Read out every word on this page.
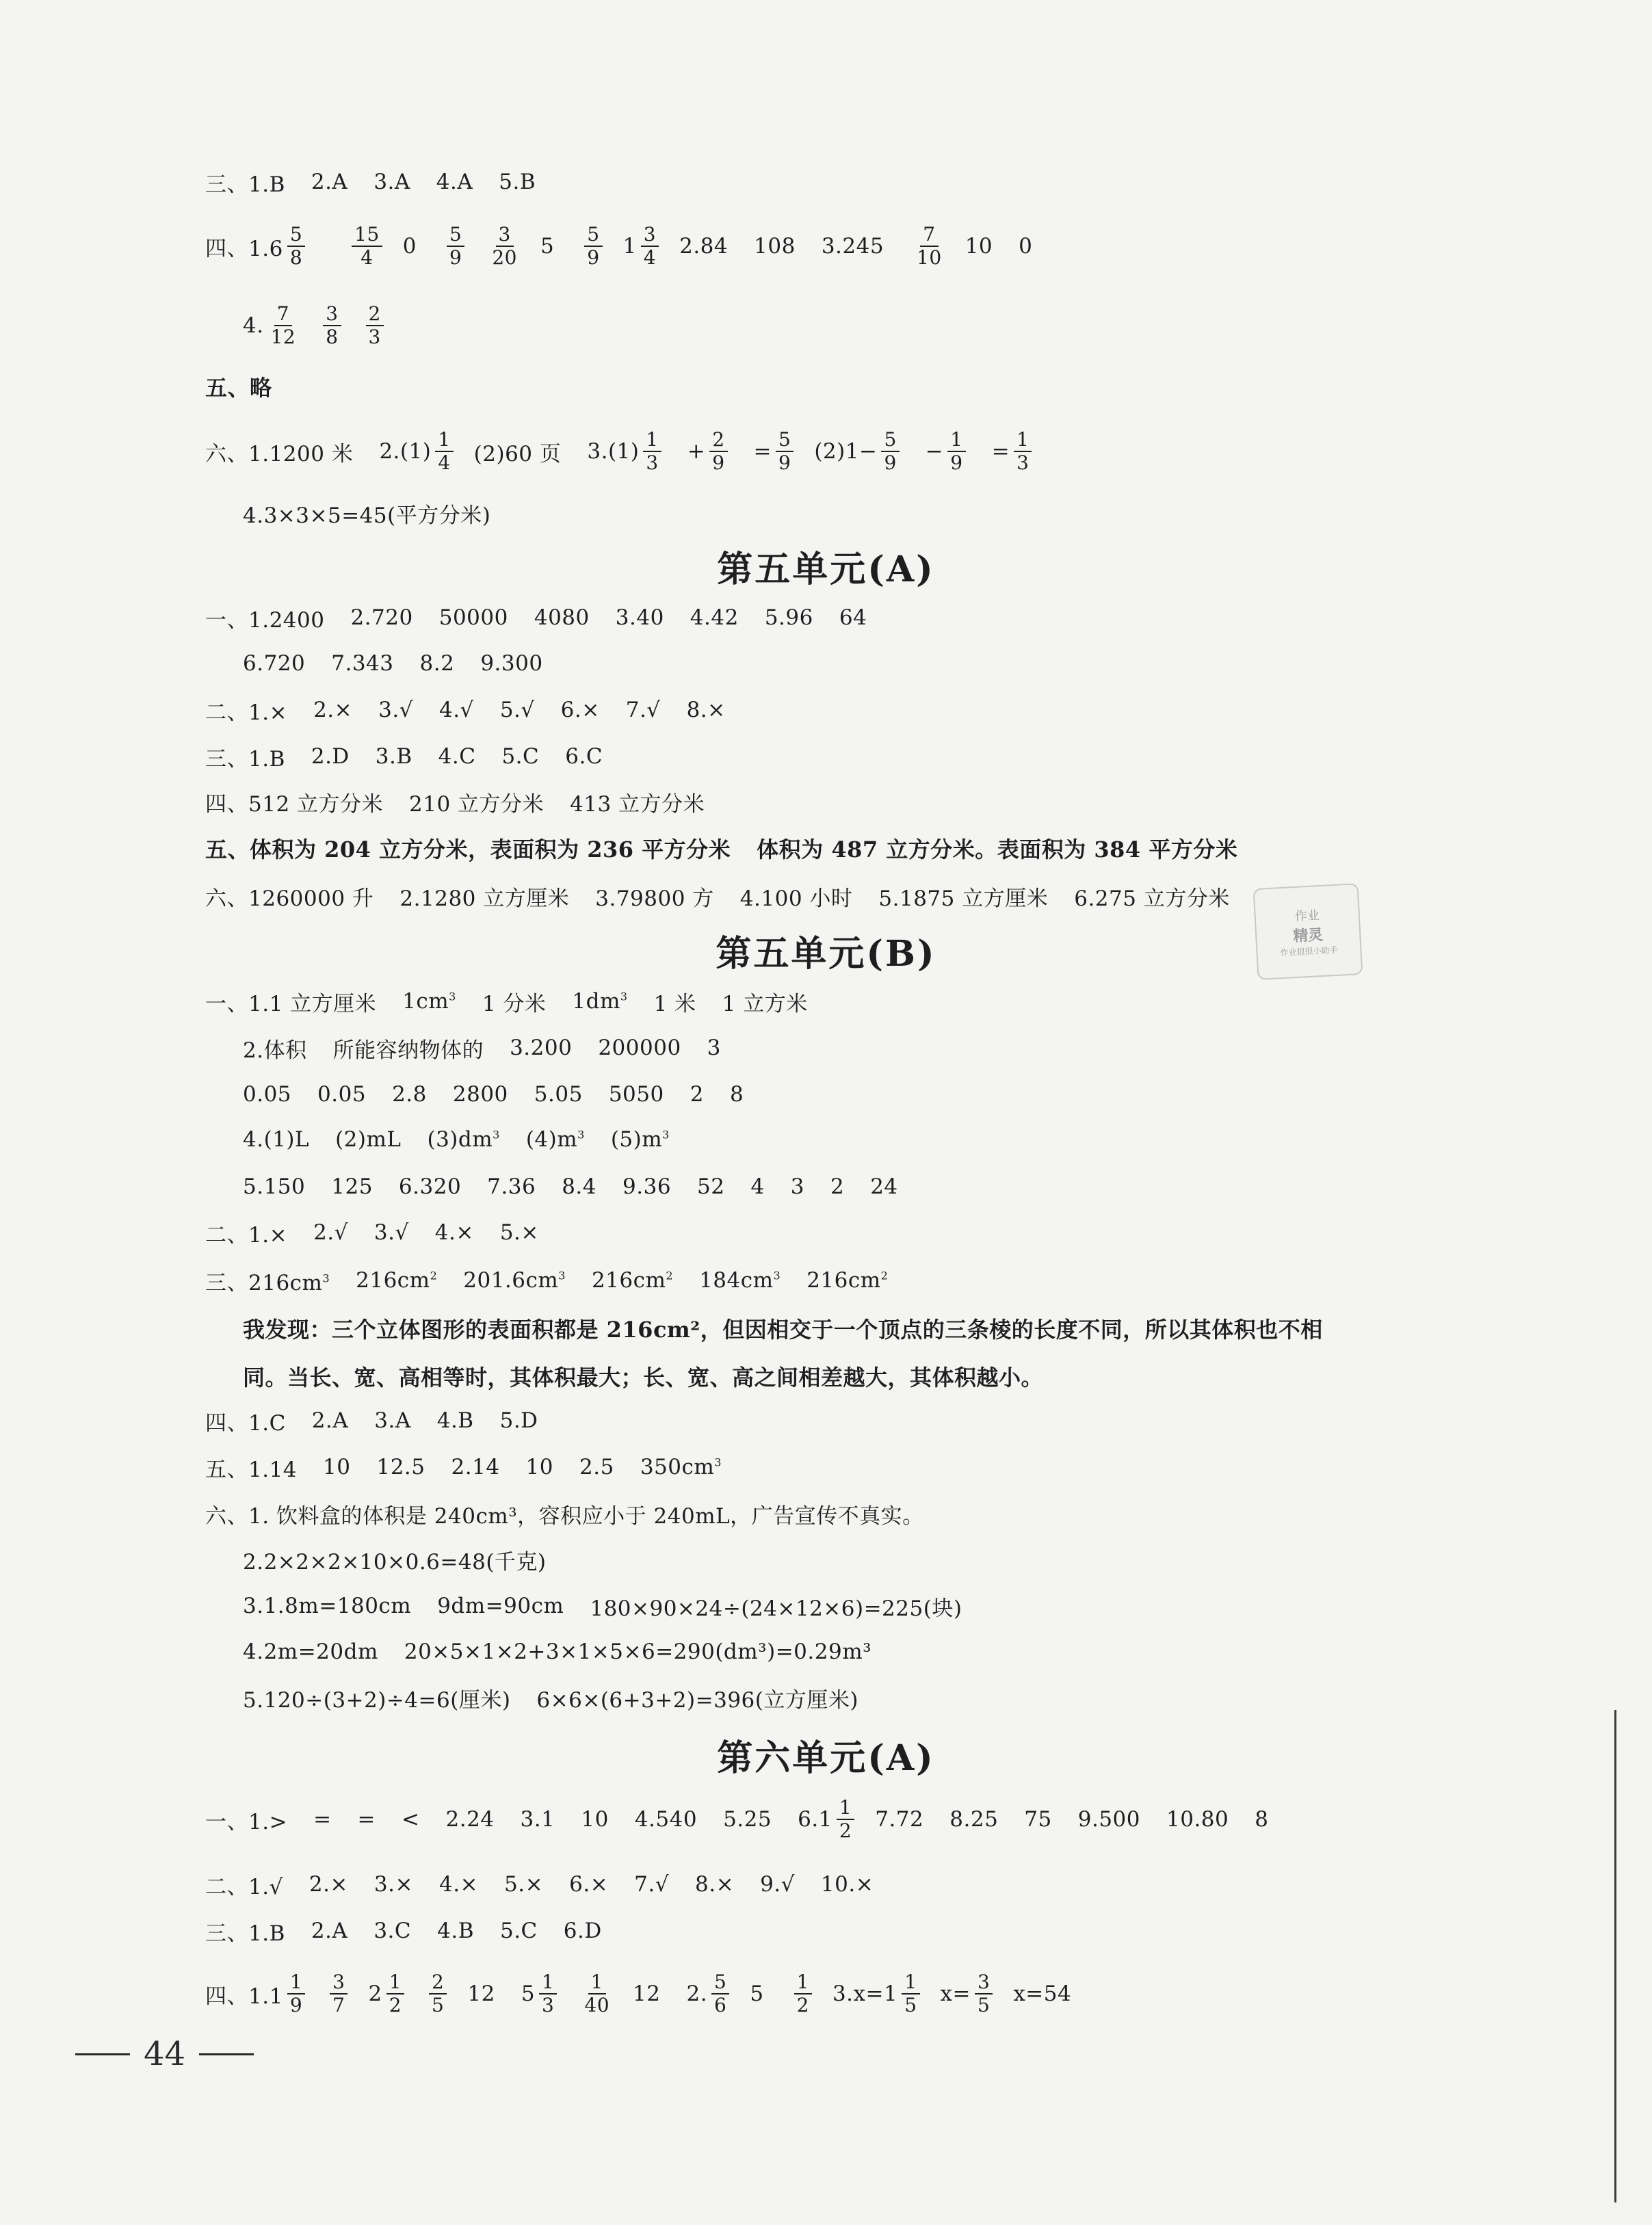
三、1.B 2.A 3.A 4.A 5.B
四、$1.6 \frac{5}{8} \frac{15}{4} 0 \frac{5}{9} \frac{3}{20} 5 \frac{5}{9} 1 \frac{3}{4} 2.84$ 108 $3.245 \frac{7}{10} 10$ 0
4. $\frac{7}{12} \frac{3}{8} \frac{2}{3}$
五、略
六、1.1200 米 $2.(1) \frac{1}{4} (2)60$ 页 $3.(1) \frac{1}{3} + \frac{2}{9} = \frac{5}{9} (2)1- \frac{5}{9} - \frac{1}{9} = \frac{1}{3}$
4.3×3×5=45(平方分米)
第五单元(A)
一、1.2400 2.720 50000 4080 3.40 4.42 5.96 64
6.720 7.343 8.2 9.300
二、1.× 2.× 3.√ 4.√ 5.√ 6.× 7.√ 8.×
三、1.B 2.D 3.B 4.C 5.C 6.C
四、512 立方分米 210 立方分米 413 立方分米
五、体积为 204 立方分米，表面积为 236 平方分米 体积为 487 立方分米。表面积为 384 平方分米
六、1260000 升 2.1280 立方厘米 3.79800 方 4.100 小时 5.1875 立方厘米 6.275 立方分米
作业
精灵
作业很很小助手
第五单元(B)
一、1.1 立方厘米 $1cm^3$ 1 分米 $1dm^3$ 1 米 1 立方米
2.体积 所能容纳物体的 3.200 200000 3
0.05 0.05 2.8 2800 5.05 5050 2 8
4.(1)L (2)mL $(3)dm^3$ $(4)m^3$ $(5)m^3$
5.150 125 6.320 7.36 8.4 9.36 52 4 3 2 24
二、1.× 2.√ 3.√ 4.× 5.×
三、$216cm^3$ $216cm^2$ $201.6cm^3$ $216cm^2$ $184cm^3$ $216cm^2$
我发现：三个立体图形的表面积都是 216cm²，但因相交于一个顶点的三条棱的长度不同，所以其体积也不相
同。当长、宽、高相等时，其体积最大；长、宽、高之间相差越大，其体积越小。
四、1.C 2.A 3.A 4.B 5.D
五、1.14 10 12.5 2.14 10 2.5 $350cm^3$
六、1. 饮料盒的体积是 240cm³，容积应小于 240mL，广告宣传不真实。
2.2×2×2×10×0.6=48(千克)
3.1.8m=180cm 9dm=90cm 180×90×24÷(24×12×6)=225(块)
4.2m=20dm 20×5×1×2+3×1×5×6=290(dm³)=0.29m³
5.120÷(3+2)÷4=6(厘米) 6×6×(6+3+2)=396(立方厘米)
第六单元(A)
一、1.> = = < 2.24 3.1 10 4.540 5.25 $6.1 \frac{1}{2} 7.72$ 8.25 75 9.500 10.80 8
二、1.√ 2.× 3.× 4.× 5.× 6.× 7.√ 8.× 9.√ 10.×
三、1.B 2.A 3.C 4.B 5.C 6.D
四、$1.1 \frac{1}{9} \frac{3}{7} 2 \frac{1}{2} \frac{2}{5} 12$ $5 \frac{1}{3} \frac{1}{40} 12$ 2. $\frac{5}{6} 5 \frac{1}{2} 3.x=1 \frac{1}{5} x= \frac{3}{5} x=54$
44
